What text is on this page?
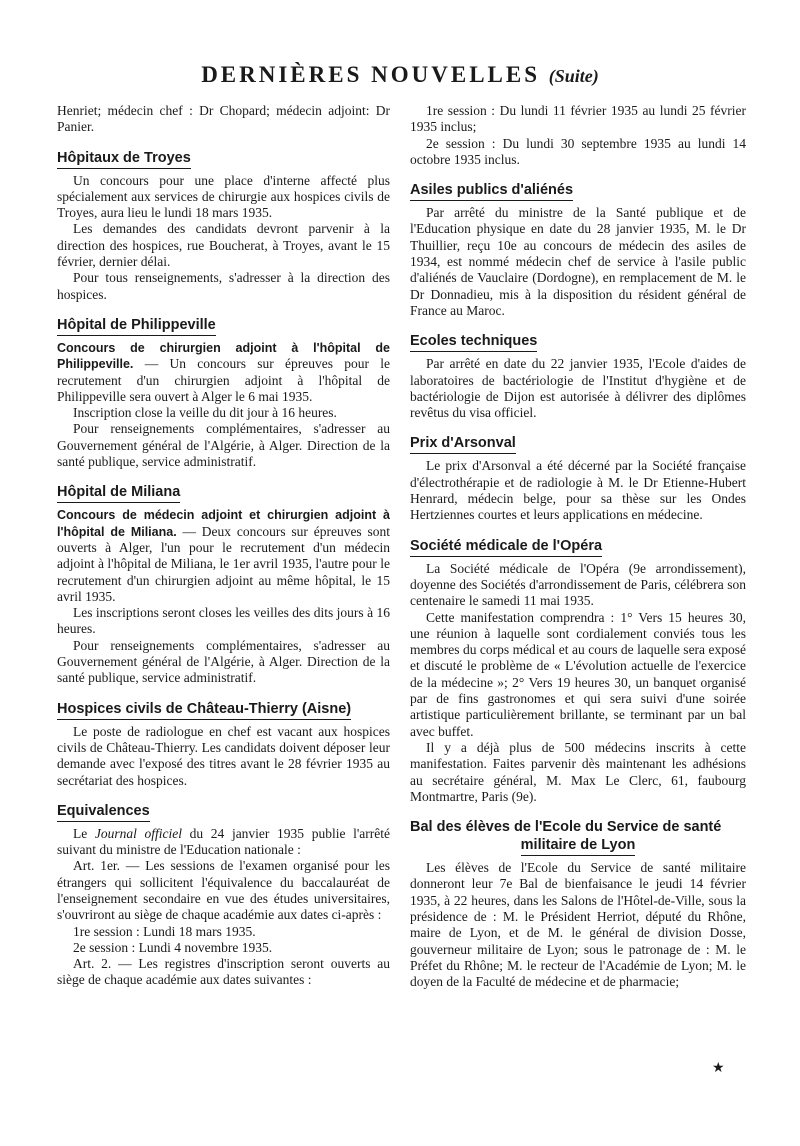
DERNIÈRES NOUVELLES (Suite)

Henriet; médecin chef : Dr Chopard; médecin adjoint: Dr Panier.

Hôpitaux de Troyes

Un concours pour une place d'interne affecté plus spécialement aux services de chirurgie aux hospices civils de Troyes, aura lieu le lundi 18 mars 1935.

Les demandes des candidats devront parvenir à la direction des hospices, rue Boucherat, à Troyes, avant le 15 février, dernier délai.

Pour tous renseignements, s'adresser à la direction des hospices.

Hôpital de Philippeville

Concours de chirurgien adjoint à l'hôpital de Philippeville. — Un concours sur épreuves pour le recrutement d'un chirurgien adjoint à l'hôpital de Philippeville sera ouvert à Alger le 6 mai 1935.

Inscription close la veille du dit jour à 16 heures.

Pour renseignements complémentaires, s'adresser au Gouvernement général de l'Algérie, à Alger. Direction de la santé publique, service administratif.

Hôpital de Miliana

Concours de médecin adjoint et chirurgien adjoint à l'hôpital de Miliana. — Deux concours sur épreuves sont ouverts à Alger, l'un pour le recrutement d'un médecin adjoint à l'hôpital de Miliana, le 1er avril 1935, l'autre pour le recrutement d'un chirurgien adjoint au même hôpital, le 15 avril 1935.

Les inscriptions seront closes les veilles des dits jours à 16 heures.

Pour renseignements complémentaires, s'adresser au Gouvernement général de l'Algérie, à Alger. Direction de la santé publique, service administratif.

Hospices civils de Château-Thierry (Aisne)

Le poste de radiologue en chef est vacant aux hospices civils de Château-Thierry. Les candidats doivent déposer leur demande avec l'exposé des titres avant le 28 février 1935 au secrétariat des hospices.

Equivalences

Le Journal officiel du 24 janvier 1935 publie l'arrêté suivant du ministre de l'Education nationale :

Art. 1er. — Les sessions de l'examen organisé pour les étrangers qui sollicitent l'équivalence du baccalauréat de l'enseignement secondaire en vue des études universitaires, s'ouvriront au siège de chaque académie aux dates ci-après :

1re session : Lundi 18 mars 1935.

2e session : Lundi 4 novembre 1935.

Art. 2. — Les registres d'inscription seront ouverts au siège de chaque académie aux dates suivantes :

1re session : Du lundi 11 février 1935 au lundi 25 février 1935 inclus;

2e session : Du lundi 30 septembre 1935 au lundi 14 octobre 1935 inclus.

Asiles publics d'aliénés

Par arrêté du ministre de la Santé publique et de l'Education physique en date du 28 janvier 1935, M. le Dr Thuillier, reçu 10e au concours de médecin des asiles de 1934, est nommé médecin chef de service à l'asile public d'aliénés de Vauclaire (Dordogne), en remplacement de M. le Dr Donnadieu, mis à la disposition du résident général de France au Maroc.

Ecoles techniques

Par arrêté en date du 22 janvier 1935, l'Ecole d'aides de laboratoires de bactériologie de l'Institut d'hygiène et de bactériologie de Dijon est autorisée à délivrer des diplômes revêtus du visa officiel.

Prix d'Arsonval

Le prix d'Arsonval a été décerné par la Société française d'électrothérapie et de radiologie à M. le Dr Etienne-Hubert Henrard, médecin belge, pour sa thèse sur les Ondes Hertziennes courtes et leurs applications en médecine.

Société médicale de l'Opéra

La Société médicale de l'Opéra (9e arrondissement), doyenne des Sociétés d'arrondissement de Paris, célébrera son centenaire le samedi 11 mai 1935.

Cette manifestation comprendra : 1° Vers 15 heures 30, une réunion à laquelle sont cordialement conviés tous les membres du corps médical et au cours de laquelle sera exposé et discuté le problème de « L'évolution actuelle de l'exercice de la médecine »; 2° Vers 19 heures 30, un banquet organisé par de fins gastronomes et qui sera suivi d'une soirée artistique particulièrement brillante, se terminant par un bal avec buffet.

Il y a déjà plus de 500 médecins inscrits à cette manifestation. Faites parvenir dès maintenant les adhésions au secrétaire général, M. Max Le Clerc, 61, faubourg Montmartre, Paris (9e).

Bal des élèves de l'Ecole du Service de santé
militaire de Lyon

Les élèves de l'Ecole du Service de santé militaire donneront leur 7e Bal de bienfaisance le jeudi 14 février 1935, à 22 heures, dans les Salons de l'Hôtel-de-Ville, sous la présidence de : M. le Président Herriot, député du Rhône, maire de Lyon, et de M. le général de division Dosse, gouverneur militaire de Lyon; sous le patronage de : M. le Préfet du Rhône; M. le recteur de l'Académie de Lyon; M. le doyen de la Faculté de médecine et de pharmacie;

★
